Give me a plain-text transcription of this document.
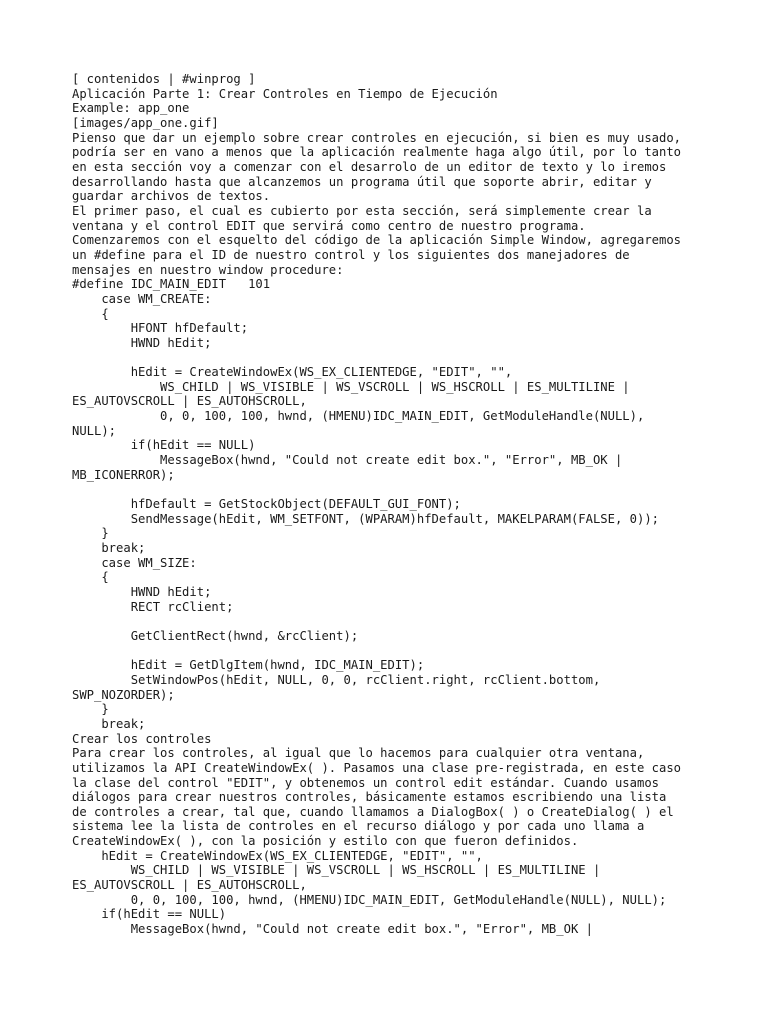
[ contenidos | #winprog ]
Aplicación Parte 1: Crear Controles en Tiempo de Ejecución
Example: app_one
[images/app_one.gif]
Pienso que dar un ejemplo sobre crear controles en ejecución, si bien es muy usado,
podría ser en vano a menos que la aplicación realmente haga algo útil, por lo tanto
en esta sección voy a comenzar con el desarrolo de un editor de texto y lo iremos
desarrollando hasta que alcanzemos un programa útil que soporte abrir, editar y
guardar archivos de textos.
El primer paso, el cual es cubierto por esta sección, será simplemente crear la
ventana y el control EDIT que servirá como centro de nuestro programa.
Comenzaremos con el esquelto del código de la aplicación Simple Window, agregaremos
un #define para el ID de nuestro control y los siguientes dos manejadores de
mensajes en nuestro window procedure:
#define IDC_MAIN_EDIT   101
case WM_CREATE:
{
HFONT hfDefault;
HWND hEdit;
hEdit = CreateWindowEx(WS_EX_CLIENTEDGE, "EDIT", "",
WS_CHILD | WS_VISIBLE | WS_VSCROLL | WS_HSCROLL | ES_MULTILINE |
ES_AUTOVSCROLL | ES_AUTOHSCROLL,
0, 0, 100, 100, hwnd, (HMENU)IDC_MAIN_EDIT, GetModuleHandle(NULL),
NULL);
if(hEdit == NULL)
MessageBox(hwnd, "Could not create edit box.", "Error", MB_OK |
MB_ICONERROR);
hfDefault = GetStockObject(DEFAULT_GUI_FONT);
SendMessage(hEdit, WM_SETFONT, (WPARAM)hfDefault, MAKELPARAM(FALSE, 0));
}
break;
case WM_SIZE:
{
HWND hEdit;
RECT rcClient;
GetClientRect(hwnd, &rcClient);
hEdit = GetDlgItem(hwnd, IDC_MAIN_EDIT);
SetWindowPos(hEdit, NULL, 0, 0, rcClient.right, rcClient.bottom,
SWP_NOZORDER);
}
break;
Crear los controles
Para crear los controles, al igual que lo hacemos para cualquier otra ventana,
utilizamos la API CreateWindowEx( ). Pasamos una clase pre-registrada, en este caso
la clase del control "EDIT", y obtenemos un control edit estándar. Cuando usamos
diálogos para crear nuestros controles, básicamente estamos escribiendo una lista
de controles a crear, tal que, cuando llamamos a DialogBox( ) o CreateDialog( ) el
sistema lee la lista de controles en el recurso diálogo y por cada uno llama a
CreateWindowEx( ), con la posición y estilo con que fueron definidos.
hEdit = CreateWindowEx(WS_EX_CLIENTEDGE, "EDIT", "",
WS_CHILD | WS_VISIBLE | WS_VSCROLL | WS_HSCROLL | ES_MULTILINE |
ES_AUTOVSCROLL | ES_AUTOHSCROLL,
0, 0, 100, 100, hwnd, (HMENU)IDC_MAIN_EDIT, GetModuleHandle(NULL), NULL);
if(hEdit == NULL)
MessageBox(hwnd, "Could not create edit box.", "Error", MB_OK |
